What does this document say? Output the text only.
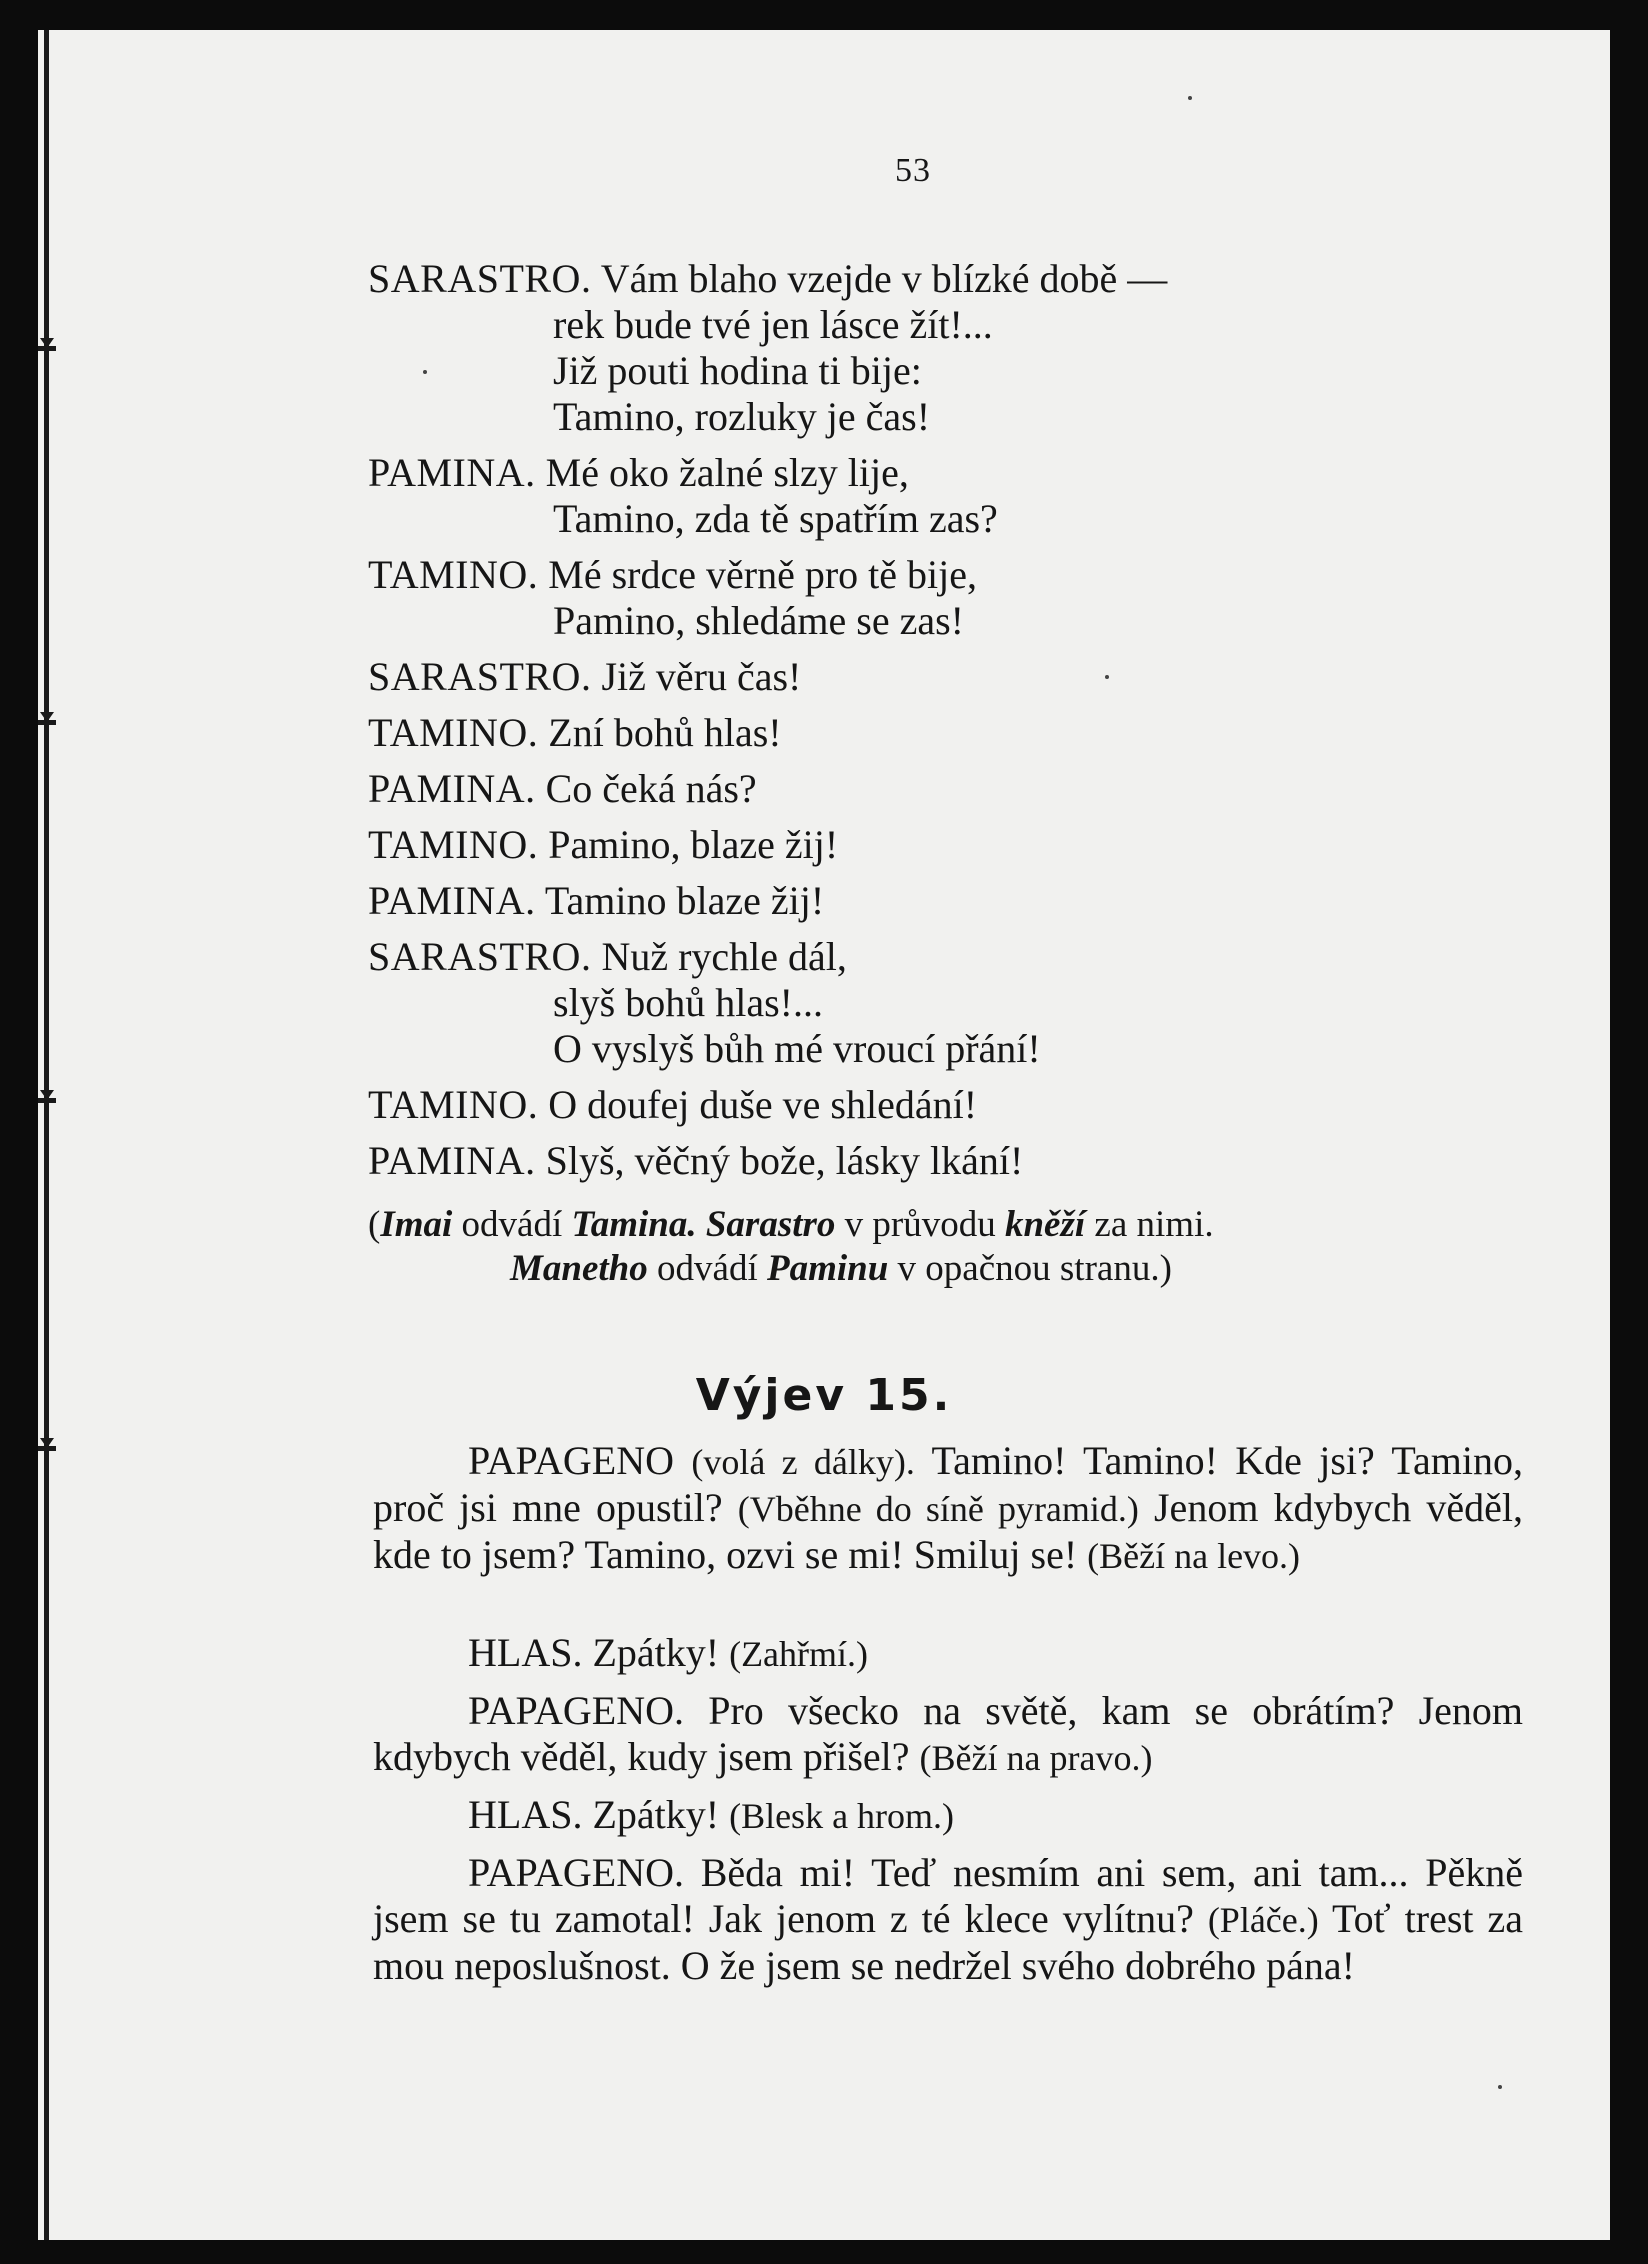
53
SARASTRO. Vám blaho vzejde v blízké době —
rek bude tvé jen lásce žít!...
Již pouti hodina ti bije:
Tamino, rozluky je čas!
PAMINA. Mé oko žalné slzy lije,
Tamino, zda tě spatřím zas?
TAMINO. Mé srdce věrně pro tě bije,
Pamino, shledáme se zas!
SARASTRO. Již věru čas!
TAMINO. Zní bohů hlas!
PAMINA. Co čeká nás?
TAMINO. Pamino, blaze žij!
PAMINA. Tamino blaze žij!
SARASTRO. Nuž rychle dál,
slyš bohů hlas!...
O vyslyš bůh mé vroucí přání!
TAMINO. O doufej duše ve shledání!
PAMINA. Slyš, věčný bože, lásky lkání!
(Imai odvádí Tamina. Sarastro v průvodu kněží za nimi.
Manetho odvádí Paminu v opačnou stranu.)
Výjev 15.
PAPAGENO (volá z dálky). Tamino! Tamino! Kde jsi? Tamino, proč jsi mne opustil? (Vběhne do síně pyramid.) Jenom kdybych věděl, kde to jsem? Tamino, ozvi se mi! Smiluj se! (Běží na levo.)
HLAS. Zpátky! (Zahřmí.)
PAPAGENO. Pro všecko na světě, kam se obrátím? Jenom kdybych věděl, kudy jsem přišel? (Běží na pravo.)
HLAS. Zpátky! (Blesk a hrom.)
PAPAGENO. Běda mi! Teď nesmím ani sem, ani tam... Pěkně jsem se tu zamotal! Jak jenom z té klece vylítnu? (Pláče.) Toť trest za mou neposlušnost. O že jsem se nedržel svého dobrého pána!
